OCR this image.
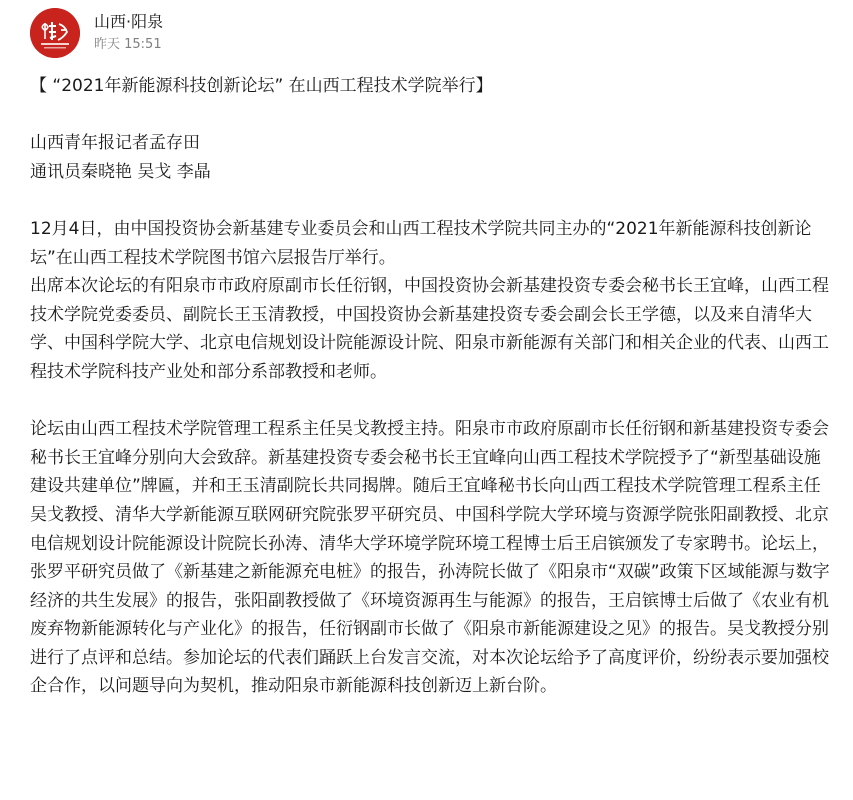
山西·阳泉
昨天 15:51

【 “2021年新能源科技创新论坛” 在山西工程技术学院举行】

山西青年报记者孟存田

通讯员秦晓艳 吴戈 李晶

12月4日，由中国投资协会新基建专业委员会和山西工程技术学院共同主办的“2021年新能源科技创新论坛”在山西工程技术学院图书馆六层报告厅举行。

出席本次论坛的有阳泉市市政府原副市长任衍钢，中国投资协会新基建投资专委会秘书长王宜峰，山西工程技术学院党委委员、副院长王玉清教授，中国投资协会新基建投资专委会副会长王学德，以及来自清华大学、中国科学院大学、北京电信规划设计院能源设计院、阳泉市新能源有关部门和相关企业的代表、山西工程技术学院科技产业处和部分系部教授和老师。

论坛由山西工程技术学院管理工程系主任吴戈教授主持。阳泉市市政府原副市长任衍钢和新基建投资专委会秘书长王宜峰分别向大会致辞。新基建投资专委会秘书长王宜峰向山西工程技术学院授予了“新型基础设施建设共建单位”牌匾，并和王玉清副院长共同揭牌。随后王宜峰秘书长向山西工程技术学院管理工程系主任吴戈教授、清华大学新能源互联网研究院张罗平研究员、中国科学院大学环境与资源学院张阳副教授、北京电信规划设计院能源设计院院长孙涛、清华大学环境学院环境工程博士后王启镔颁发了专家聘书。论坛上，张罗平研究员做了《新基建之新能源充电桩》的报告，孙涛院长做了《阳泉市“双碳”政策下区域能源与数字经济的共生发展》的报告，张阳副教授做了《环境资源再生与能源》的报告，王启镔博士后做了《农业有机废弃物新能源转化与产业化》的报告，任衍钢副市长做了《阳泉市新能源建设之见》的报告。吴戈教授分别进行了点评和总结。参加论坛的代表们踊跃上台发言交流，对本次论坛给予了高度评价，纷纷表示要加强校企合作，以问题导向为契机，推动阳泉市新能源科技创新迈上新台阶。
